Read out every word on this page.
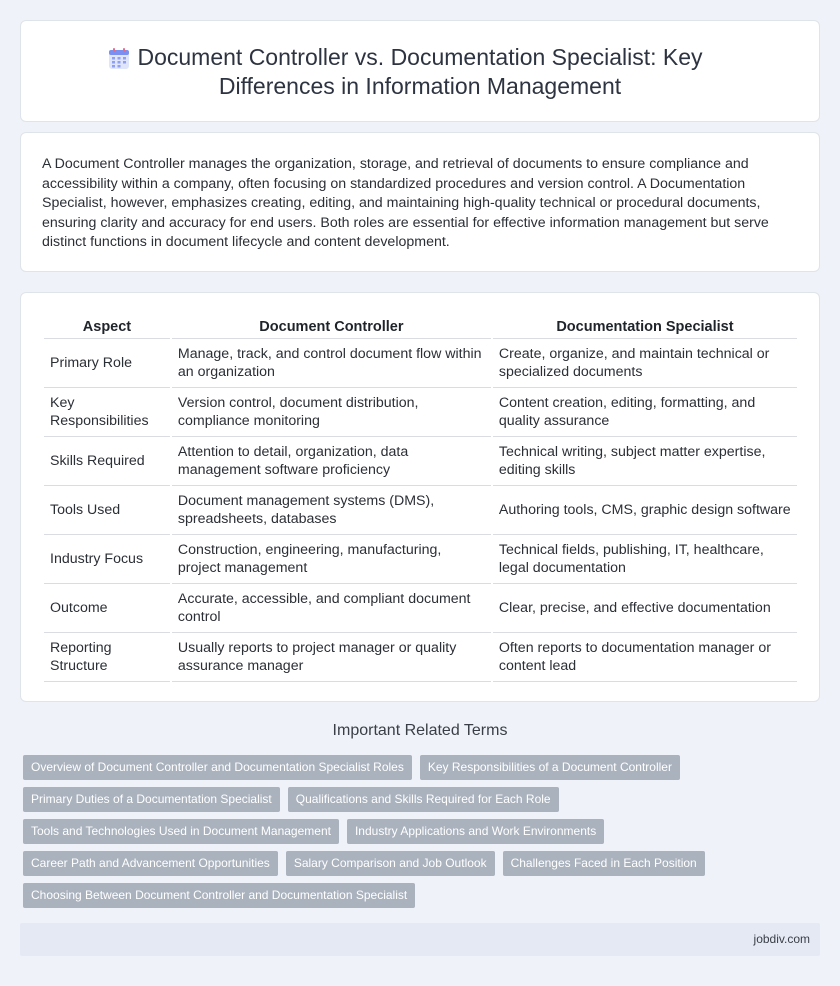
Document Controller vs. Documentation Specialist: Key
Differences in Information Management

A Document Controller manages the organization, storage, and retrieval of documents to ensure compliance and accessibility within a company, often focusing on standardized procedures and version control. A Documentation Specialist, however, emphasizes creating, editing, and maintaining high-quality technical or procedural documents, ensuring clarity and accuracy for end users. Both roles are essential for effective information management but serve distinct functions in document lifecycle and content development.

Aspect	Document Controller	Documentation Specialist
Primary Role	Manage, track, and control document flow within an organization	Create, organize, and maintain technical or specialized documents
Key Responsibilities	Version control, document distribution, compliance monitoring	Content creation, editing, formatting, and quality assurance
Skills Required	Attention to detail, organization, data management software proficiency	Technical writing, subject matter expertise, editing skills
Tools Used	Document management systems (DMS), spreadsheets, databases	Authoring tools, CMS, graphic design software
Industry Focus	Construction, engineering, manufacturing, project management	Technical fields, publishing, IT, healthcare, legal documentation
Outcome	Accurate, accessible, and compliant document control	Clear, precise, and effective documentation
Reporting Structure	Usually reports to project manager or quality assurance manager	Often reports to documentation manager or content lead
Important Related Terms
Overview of Document Controller and Documentation Specialist Roles	Key Responsibilities of a Document Controller
Primary Duties of a Documentation Specialist	Qualifications and Skills Required for Each Role
Tools and Technologies Used in Document Management	Industry Applications and Work Environments
Career Path and Advancement Opportunities	Salary Comparison and Job Outlook	Challenges Faced in Each Position
Choosing Between Document Controller and Documentation Specialist
jobdiv.com
